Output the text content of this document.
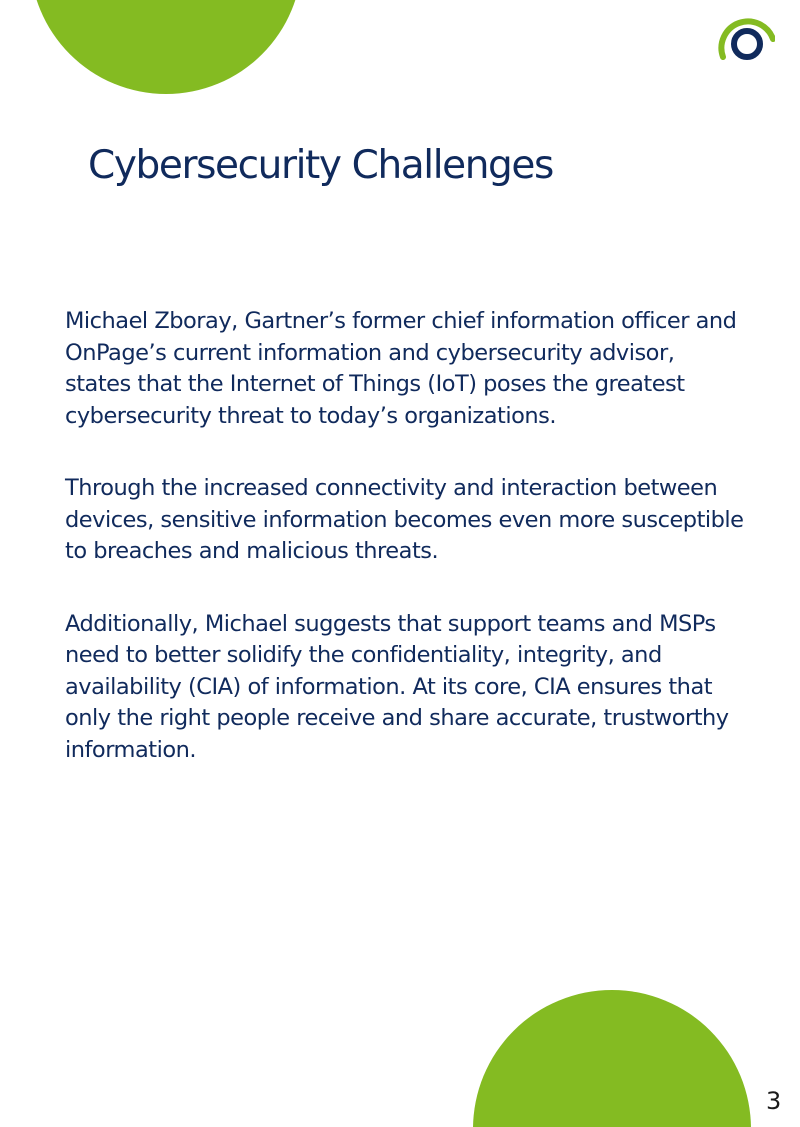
Cybersecurity Challenges

Michael Zboray, Gartner’s former chief information officer and OnPage’s current information and cybersecurity advisor, states that the Internet of Things (IoT) poses the greatest cybersecurity threat to today’s organizations.

Through the increased connectivity and interaction between devices, sensitive information becomes even more susceptible to breaches and malicious threats.

Additionally, Michael suggests that support teams and MSPs need to better solidify the confidentiality, integrity, and availability (CIA) of information. At its core, CIA ensures that only the right people receive and share accurate, trustworthy information.

3
